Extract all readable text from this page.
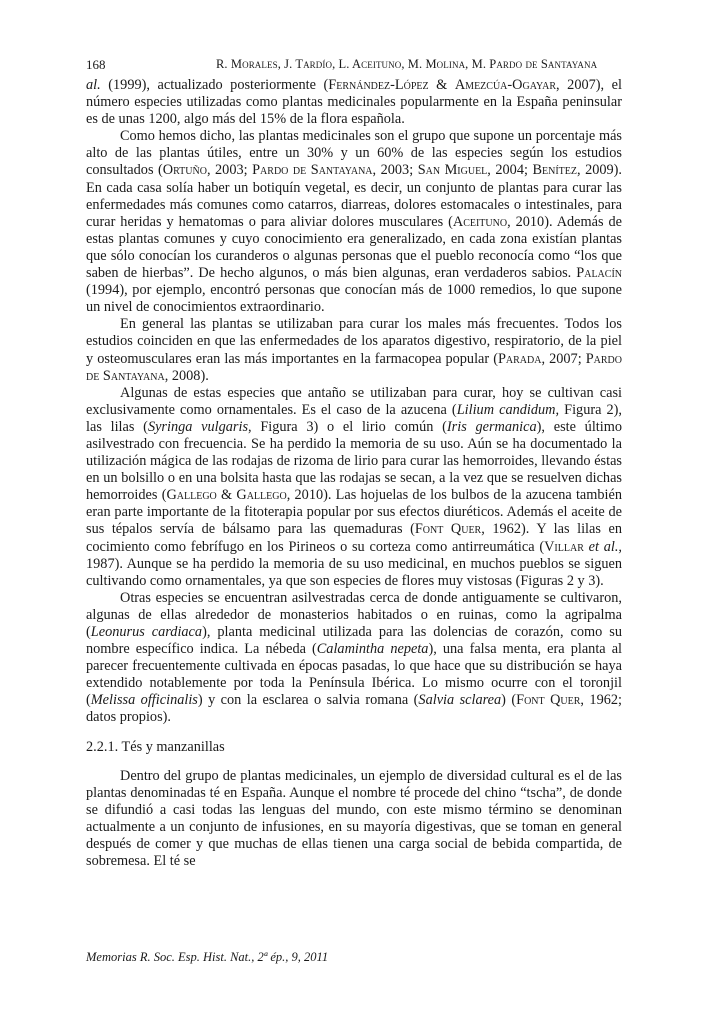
168	R. Morales, J. Tardío, L. Aceituno, M. Molina, M. Pardo de Santayana

al. (1999), actualizado posteriormente (Fernández-López & Amezcúa-Ogayar, 2007), el número especies utilizadas como plantas medicinales popularmente en la España peninsular es de unas 1200, algo más del 15% de la flora española.

Como hemos dicho, las plantas medicinales son el grupo que supone un porcentaje más alto de las plantas útiles, entre un 30% y un 60% de las especies según los estudios consultados (Ortuño, 2003; Pardo de Santayana, 2003; San Miguel, 2004; Benítez, 2009). En cada casa solía haber un botiquín vegetal, es decir, un conjunto de plantas para curar las enfermedades más comunes como catarros, diarreas, dolores estomacales o intestinales, para curar heridas y hematomas o para aliviar dolores musculares (Aceituno, 2010). Además de estas plantas comunes y cuyo conocimiento era generalizado, en cada zona existían plantas que sólo conocían los curanderos o algunas personas que el pueblo reconocía como “los que saben de hierbas”. De hecho algunos, o más bien algunas, eran verdaderos sabios. Palacín (1994), por ejemplo, encontró personas que conocían más de 1000 remedios, lo que supone un nivel de conocimientos extraordinario.

En general las plantas se utilizaban para curar los males más frecuentes. Todos los estudios coinciden en que las enfermedades de los aparatos digestivo, respiratorio, de la piel y osteomusculares eran las más importantes en la farmacopea popular (Parada, 2007; Pardo de Santayana, 2008).

Algunas de estas especies que antaño se utilizaban para curar, hoy se cultivan casi exclusivamente como ornamentales. Es el caso de la azucena (Lilium candidum, Figura 2), las lilas (Syringa vulgaris, Figura 3) o el lirio común (Iris germanica), este último asilvestrado con frecuencia. Se ha perdido la memoria de su uso. Aún se ha documentado la utilización mágica de las rodajas de rizoma de lirio para curar las hemorroides, llevando éstas en un bolsillo o en una bolsita hasta que las rodajas se secan, a la vez que se resuelven dichas hemorroides (Gallego & Gallego, 2010). Las hojuelas de los bulbos de la azucena también eran parte importante de la fitoterapia popular por sus efectos diuréticos. Además el aceite de sus tépalos servía de bálsamo para las quemaduras (Font Quer, 1962). Y las lilas en cocimiento como febrífugo en los Pirineos o su corteza como antirreumática (Villar et al., 1987). Aunque se ha perdido la memoria de su uso medicinal, en muchos pueblos se siguen cultivando como ornamentales, ya que son especies de flores muy vistosas (Figuras 2 y 3).

Otras especies se encuentran asilvestradas cerca de donde antiguamente se cultivaron, algunas de ellas alrededor de monasterios habitados o en ruinas, como la agripalma (Leonurus cardiaca), planta medicinal utilizada para las dolencias de corazón, como su nombre específico indica. La nébeda (Calamintha nepeta), una falsa menta, era planta al parecer frecuentemente cultivada en épocas pasadas, lo que hace que su distribución se haya extendido notablemente por toda la Península Ibérica. Lo mismo ocurre con el toronjil (Melissa officinalis) y con la esclarea o salvia romana (Salvia sclarea) (Font Quer, 1962; datos propios).

2.2.1. Tés y manzanillas

Dentro del grupo de plantas medicinales, un ejemplo de diversidad cultural es el de las plantas denominadas té en España. Aunque el nombre té procede del chino “tscha”, de donde se difundió a casi todas las lenguas del mundo, con este mismo término se denominan actualmente a un conjunto de infusiones, en su mayoría digestivas, que se toman en general después de comer y que muchas de ellas tienen una carga social de bebida compartida, de sobremesa. El té se

Memorias R. Soc. Esp. Hist. Nat., 2ª ép., 9, 2011
